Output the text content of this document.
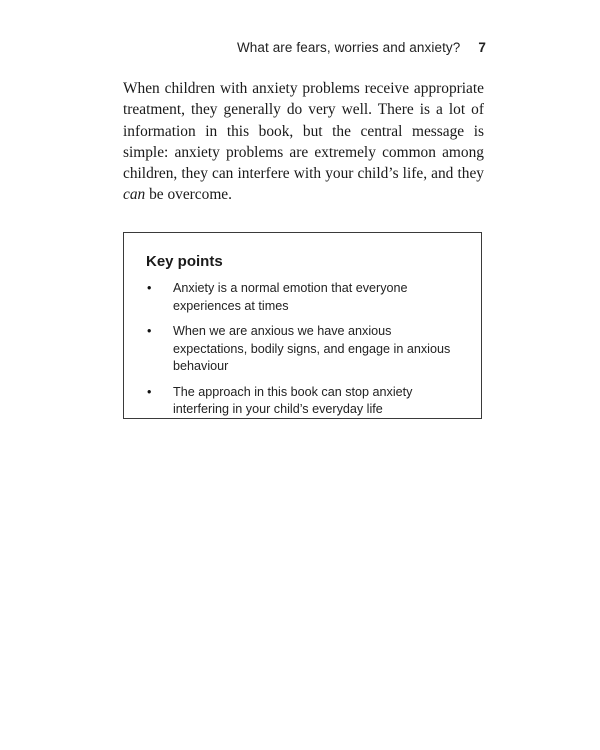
What are fears, worries and anxiety? 7

When children with anxiety problems receive appropriate treatment, they generally do very well. There is a lot of information in this book, but the central message is simple: anxiety problems are extremely common among children, they can interfere with your child’s life, and they can be overcome.

Key points
• Anxiety is a normal emotion that everyone experiences at times
• When we are anxious we have anxious expectations, bodily signs, and engage in anxious behaviour
• The approach in this book can stop anxiety interfering in your child’s everyday life
